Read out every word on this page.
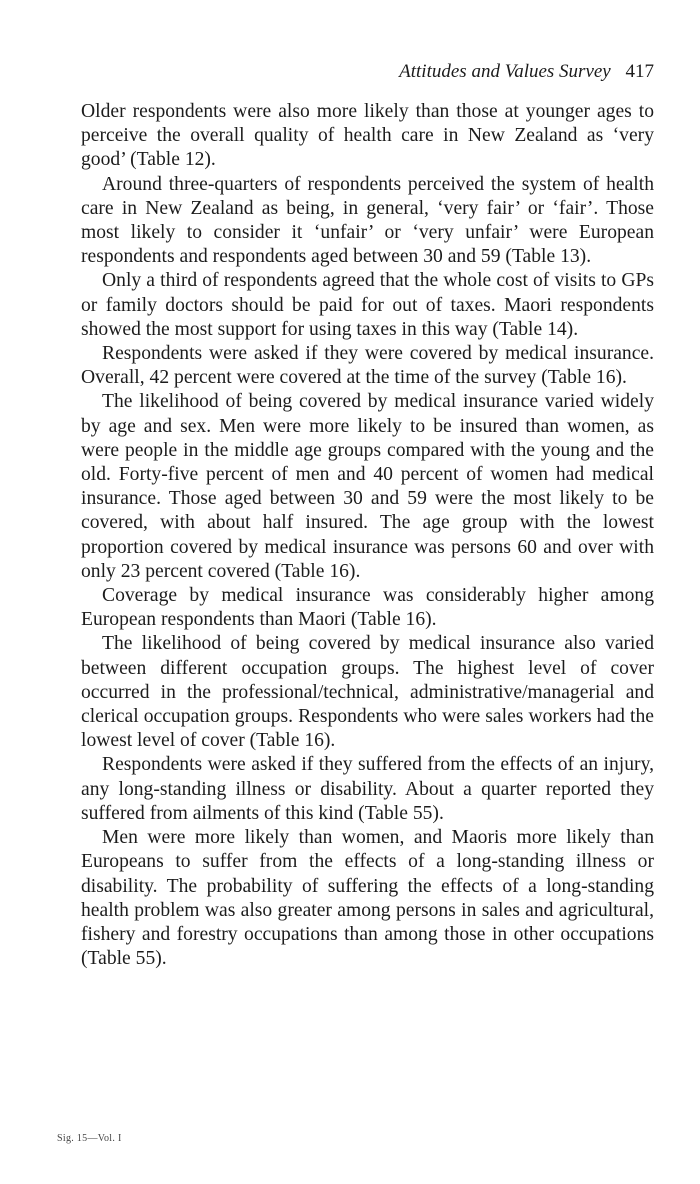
Attitudes and Values Survey 417

Older respondents were also more likely than those at younger ages to perceive the overall quality of health care in New Zealand as ‘very good’ (Table 12).

Around three-quarters of respondents perceived the system of health care in New Zealand as being, in general, ‘very fair’ or ‘fair’. Those most likely to consider it ‘unfair’ or ‘very unfair’ were European respondents and respondents aged between 30 and 59 (Table 13).

Only a third of respondents agreed that the whole cost of visits to GPs or family doctors should be paid for out of taxes. Maori respondents showed the most support for using taxes in this way (Table 14).

Respondents were asked if they were covered by medical insurance. Overall, 42 percent were covered at the time of the survey (Table 16).

The likelihood of being covered by medical insurance varied widely by age and sex. Men were more likely to be insured than women, as were people in the middle age groups compared with the young and the old. Forty-five percent of men and 40 percent of women had medical insurance. Those aged between 30 and 59 were the most likely to be covered, with about half insured. The age group with the lowest proportion covered by medical insurance was persons 60 and over with only 23 percent covered (Table 16).

Coverage by medical insurance was considerably higher among European respondents than Maori (Table 16).

The likelihood of being covered by medical insurance also varied between different occupation groups. The highest level of cover occurred in the professional/technical, administrative/managerial and clerical occupation groups. Respondents who were sales workers had the lowest level of cover (Table 16).

Respondents were asked if they suffered from the effects of an injury, any long-standing illness or disability. About a quarter reported they suffered from ailments of this kind (Table 55).

Men were more likely than women, and Maoris more likely than Europeans to suffer from the effects of a long-standing illness or disability. The probability of suffering the effects of a long-standing health problem was also greater among persons in sales and agricultural, fishery and forestry occupations than among those in other occupations (Table 55).

Sig. 15—Vol. I
